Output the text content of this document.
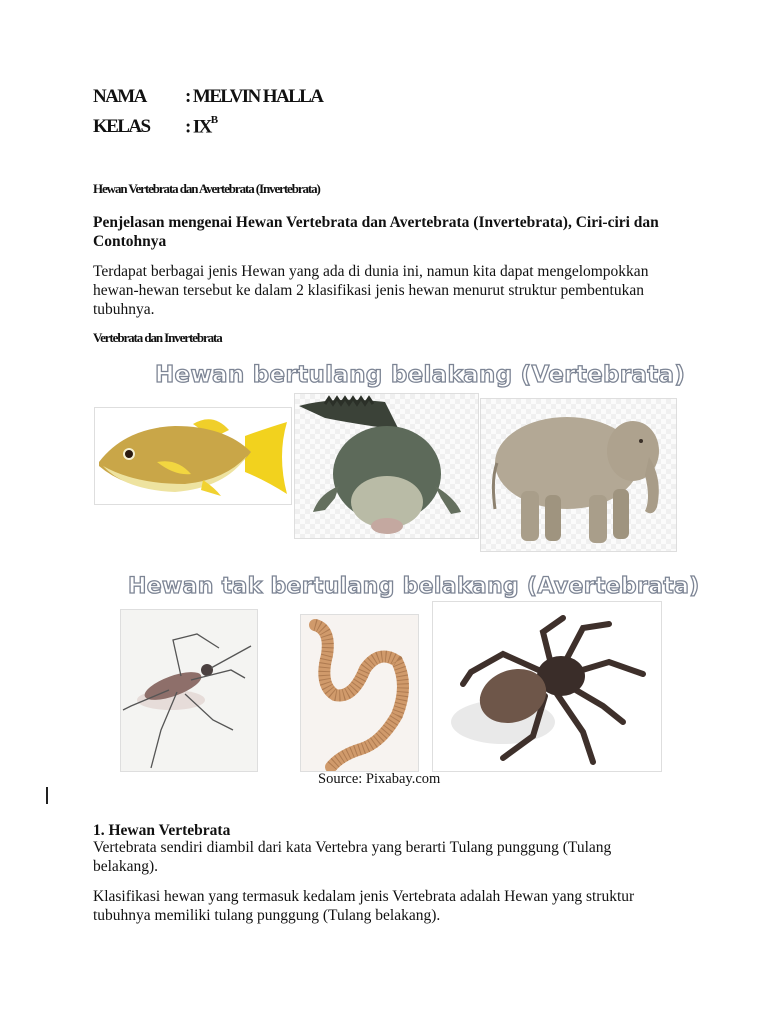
NAMA : MELVIN HALLA
KELAS : $IX^B$
Hewan Vertebrata dan Avertebrata (Invertebrata)
Penjelasan mengenai Hewan Vertebrata dan Avertebrata (Invertebrata), Ciri-ciri dan Contohnya
Terdapat berbagai jenis Hewan yang ada di dunia ini, namun kita dapat mengelompokkan hewan-hewan tersebut ke dalam 2 klasifikasi jenis hewan menurut struktur pembentukan tubuhnya.
Vertebrata dan Invertebrata
Hewan bertulang belakang (Vertebrata)
Hewan tak bertulang belakang (Avertebrata)
Source: Pixabay.com
1. Hewan Vertebrata
Vertebrata sendiri diambil dari kata Vertebra yang berarti Tulang punggung (Tulang belakang).
Klasifikasi hewan yang termasuk kedalam jenis Vertebrata adalah Hewan yang struktur tubuhnya memiliki tulang punggung (Tulang belakang).
